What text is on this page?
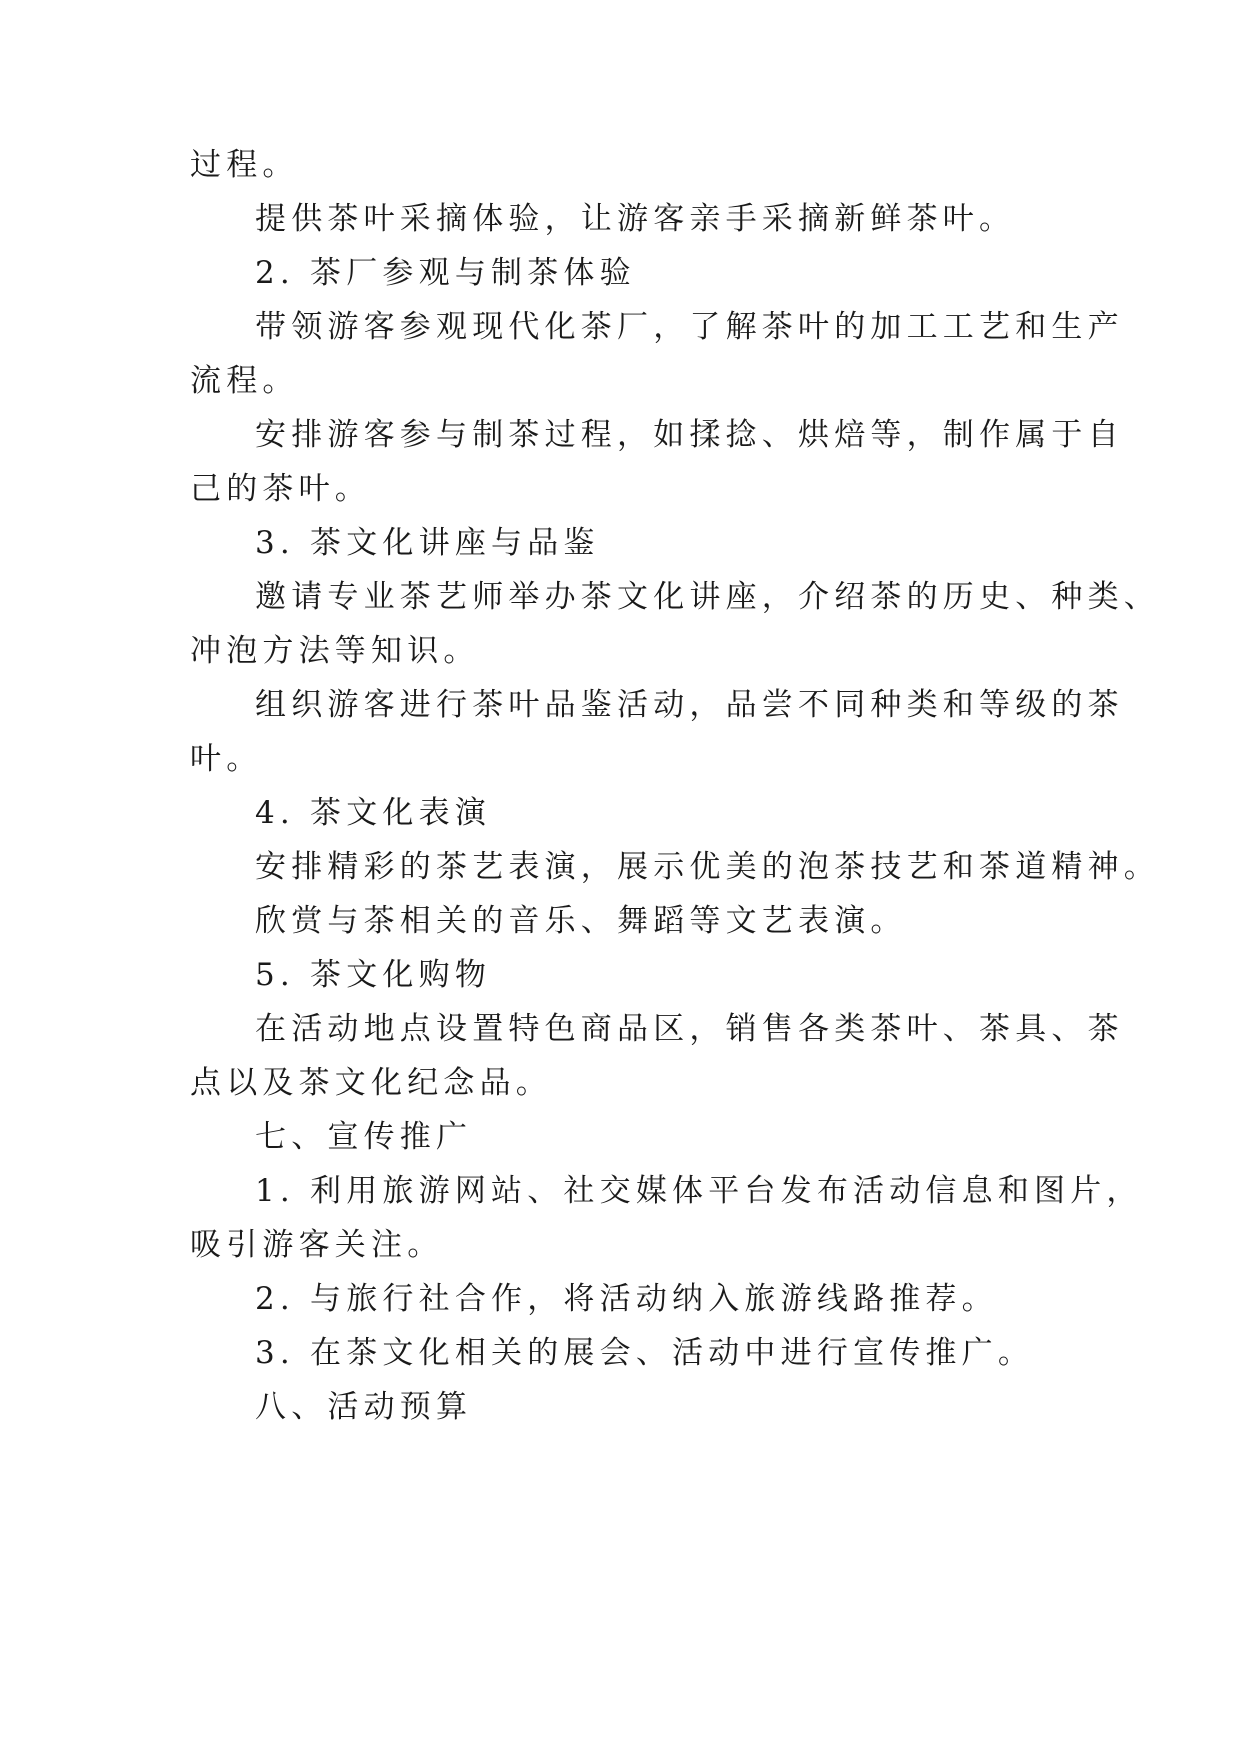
过程。
提供茶叶采摘体验，让游客亲手采摘新鲜茶叶。
2. 茶厂参观与制茶体验
带领游客参观现代化茶厂，了解茶叶的加工工艺和生产
流程。
安排游客参与制茶过程，如揉捻、烘焙等，制作属于自
己的茶叶。
3. 茶文化讲座与品鉴
邀请专业茶艺师举办茶文化讲座，介绍茶的历史、种类、
冲泡方法等知识。
组织游客进行茶叶品鉴活动，品尝不同种类和等级的茶
叶。
4. 茶文化表演
安排精彩的茶艺表演，展示优美的泡茶技艺和茶道精神。
欣赏与茶相关的音乐、舞蹈等文艺表演。
5. 茶文化购物
在活动地点设置特色商品区，销售各类茶叶、茶具、茶
点以及茶文化纪念品。
七、宣传推广
1. 利用旅游网站、社交媒体平台发布活动信息和图片，
吸引游客关注。
2. 与旅行社合作，将活动纳入旅游线路推荐。
3. 在茶文化相关的展会、活动中进行宣传推广。
八、活动预算
